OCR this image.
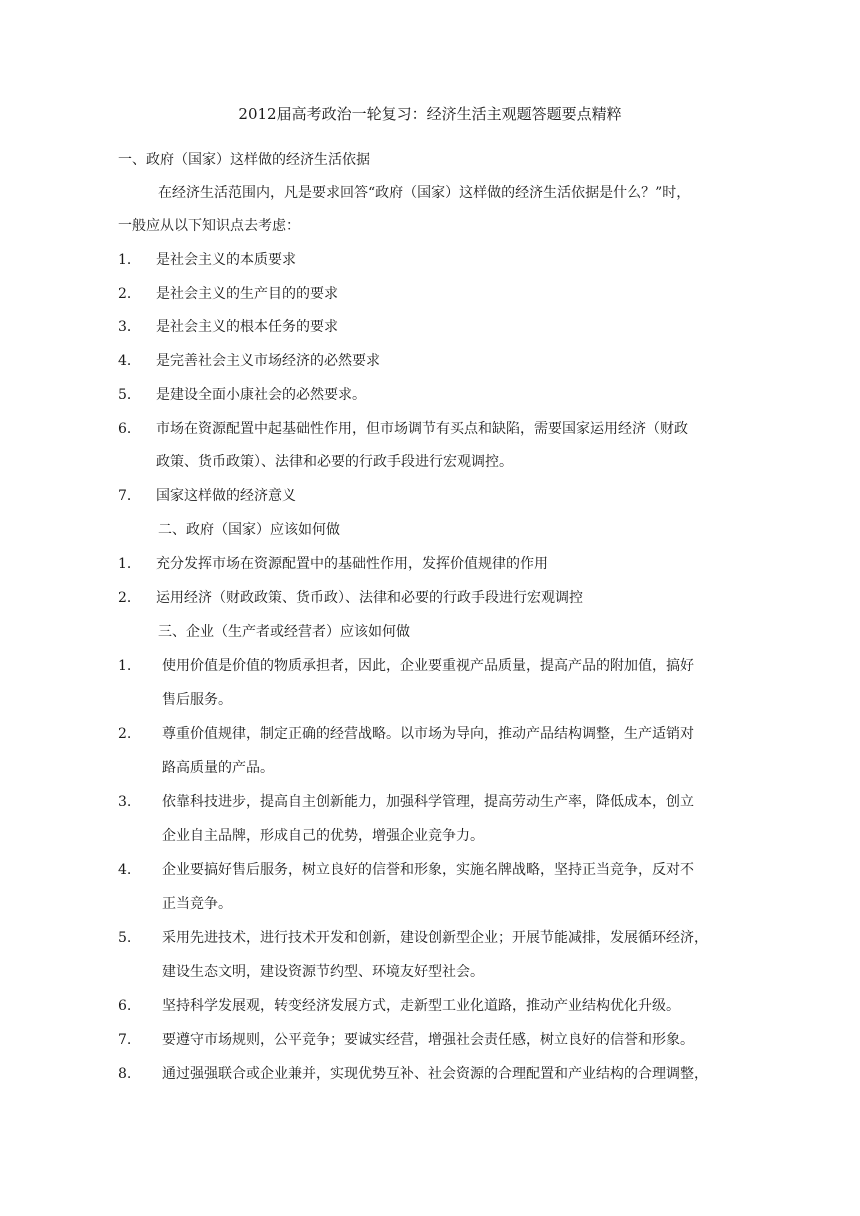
2012届高考政治一轮复习：经济生活主观题答题要点精粹
一、政府（国家）这样做的经济生活依据
在经济生活范围内，凡是要求回答“政府（国家）这样做的经济生活依据是什么？”时，
一般应从以下知识点去考虑：
1． 是社会主义的本质要求
2． 是社会主义的生产目的的要求
3． 是社会主义的根本任务的要求
4． 是完善社会主义市场经济的必然要求
5． 是建设全面小康社会的必然要求。
6． 市场在资源配置中起基础性作用，但市场调节有买点和缺陷，需要国家运用经济（财政
政策、货币政策）、法律和必要的行政手段进行宏观调控。
7． 国家这样做的经济意义
二、政府（国家）应该如何做
1． 充分发挥市场在资源配置中的基础性作用，发挥价值规律的作用
2． 运用经济（财政政策、货币政）、法律和必要的行政手段进行宏观调控
三、企业（生产者或经营者）应该如何做
1. 使用价值是价值的物质承担者，因此，企业要重视产品质量，提高产品的附加值，搞好
售后服务。
2. 尊重价值规律，制定正确的经营战略。以市场为导向，推动产品结构调整，生产适销对
路高质量的产品。
3. 依靠科技进步，提高自主创新能力，加强科学管理，提高劳动生产率，降低成本，创立
企业自主品牌，形成自己的优势，增强企业竞争力。
4. 企业要搞好售后服务，树立良好的信誉和形象，实施名牌战略，坚持正当竞争，反对不
正当竞争。
5. 采用先进技术，进行技术开发和创新，建设创新型企业；开展节能减排，发展循环经济，
建设生态文明，建设资源节约型、环境友好型社会。
6. 坚持科学发展观，转变经济发展方式，走新型工业化道路，推动产业结构优化升级。
7. 要遵守市场规则，公平竞争；要诚实经营，增强社会责任感，树立良好的信誉和形象。
8. 通过强强联合或企业兼并，实现优势互补、社会资源的合理配置和产业结构的合理调整，
